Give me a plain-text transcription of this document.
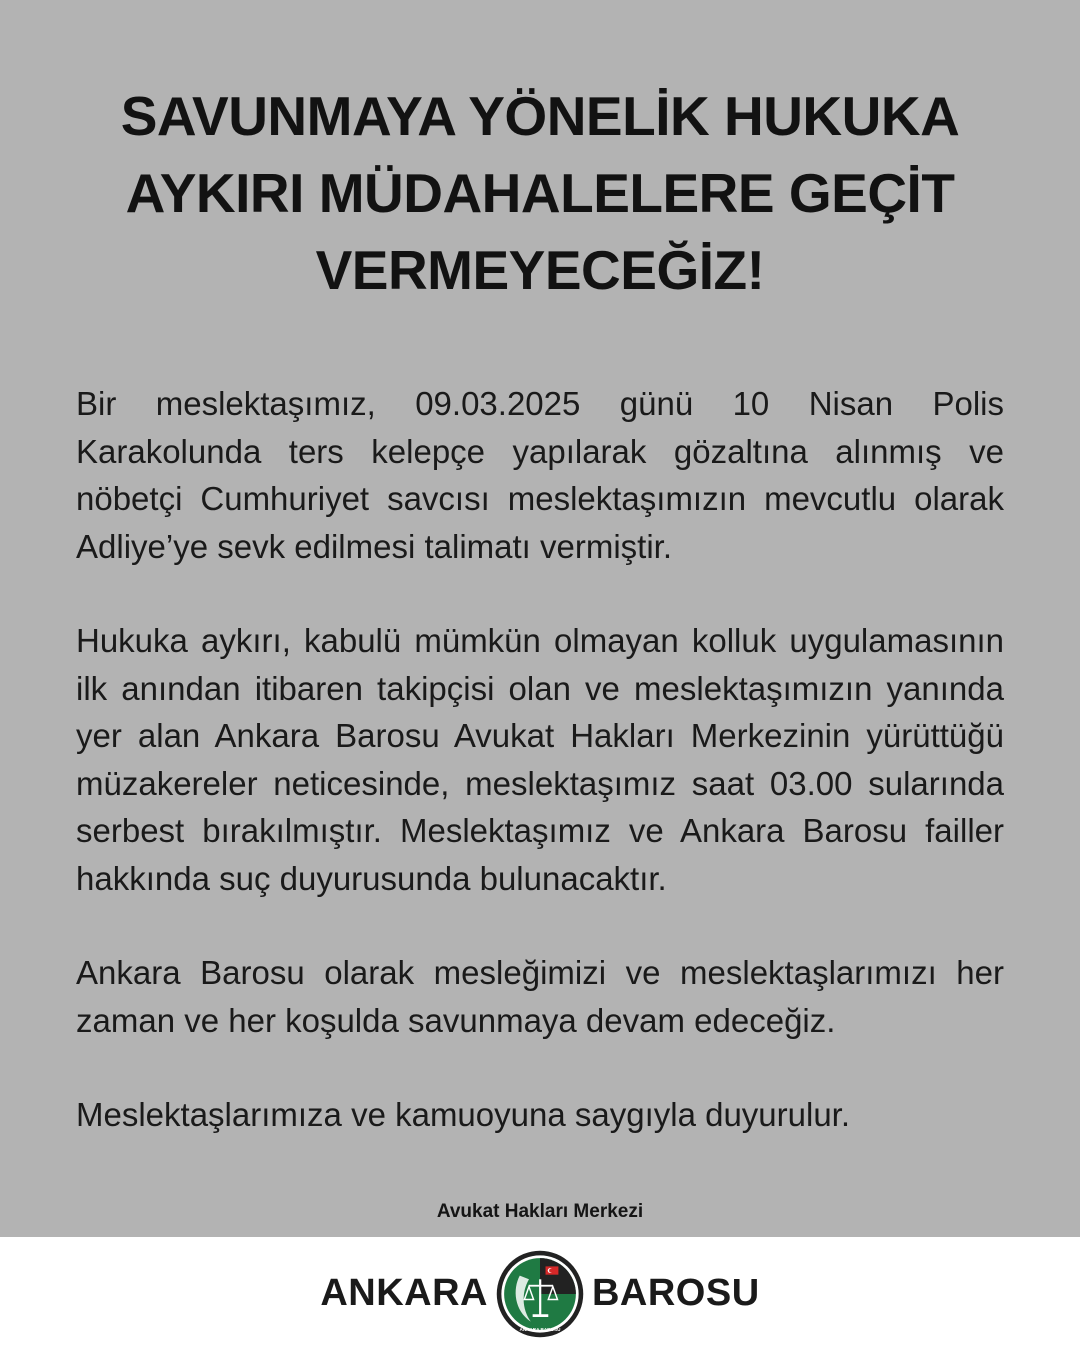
SAVUNMAYA YÖNELİK HUKUKA
AYKIRI MÜDAHALELERE GEÇİT
VERMEYECEĞİZ!

Bir meslektaşımız, 09.03.2025 günü 10 Nisan Polis Karakolunda ters kelepçe yapılarak gözaltına alınmış ve nöbetçi Cumhuriyet savcısı meslektaşımızın mevcutlu olarak Adliye’ye sevk edilmesi talimatı vermiştir.

Hukuka aykırı, kabulü mümkün olmayan kolluk uygulamasının ilk anından itibaren takipçisi olan ve meslektaşımızın yanında yer alan Ankara Barosu Avukat Hakları Merkezinin yürüttüğü müzakereler neticesinde, meslektaşımız saat 03.00 sularında serbest bırakılmıştır. Meslektaşımız ve Ankara Barosu failler hakkında suç duyurusunda bulunacaktır.

Ankara Barosu olarak mesleğimizi ve meslektaşlarımızı her zaman ve her koşulda savunmaya devam edeceğiz.

Meslektaşlarımıza ve kamuoyuna saygıyla duyurulur.

Avukat Hakları Merkezi
ANKARA
ANKARA BAROSU
BAROSU
